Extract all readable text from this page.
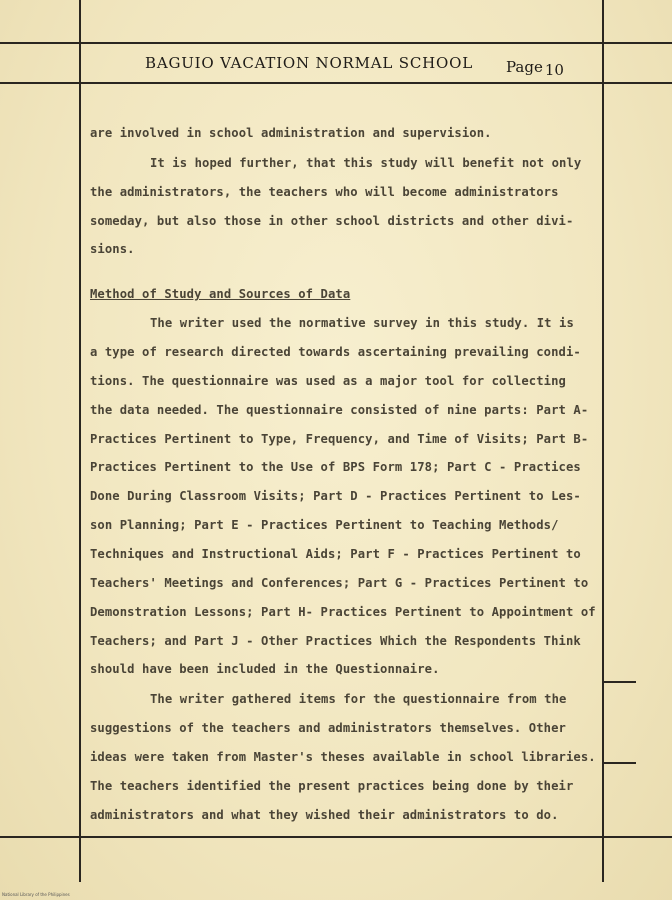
BAGUIO VACATION NORMAL SCHOOL Page 10
are involved in school administration and supervision.
It is hoped further, that this study will benefit not only
the administrators, the teachers who will become administrators
someday, but also those in other school districts and other divi-
sions.
Method of Study and Sources of Data
The writer used the normative survey in this study. It is
a type of research directed towards ascertaining prevailing condi-
tions. The questionnaire was used as a major tool for collecting
the data needed. The questionnaire consisted of nine parts: Part A-
Practices Pertinent to Type, Frequency, and Time of Visits; Part B-
Practices Pertinent to the Use of BPS Form 178; Part C - Practices
Done During Classroom Visits; Part D - Practices Pertinent to Les-
son Planning; Part E - Practices Pertinent to Teaching Methods/
Techniques and Instructional Aids; Part F - Practices Pertinent to
Teachers' Meetings and Conferences; Part G - Practices Pertinent to
Demonstration Lessons; Part H- Practices Pertinent to Appointment of
Teachers; and Part J - Other Practices Which the Respondents Think
should have been included in the Questionnaire.
The writer gathered items for the questionnaire from the
suggestions of the teachers and administrators themselves. Other
ideas were taken from Master's theses available in school libraries.
The teachers identified the present practices being done by their
administrators and what they wished their administrators to do.
National Library of the Philippines
